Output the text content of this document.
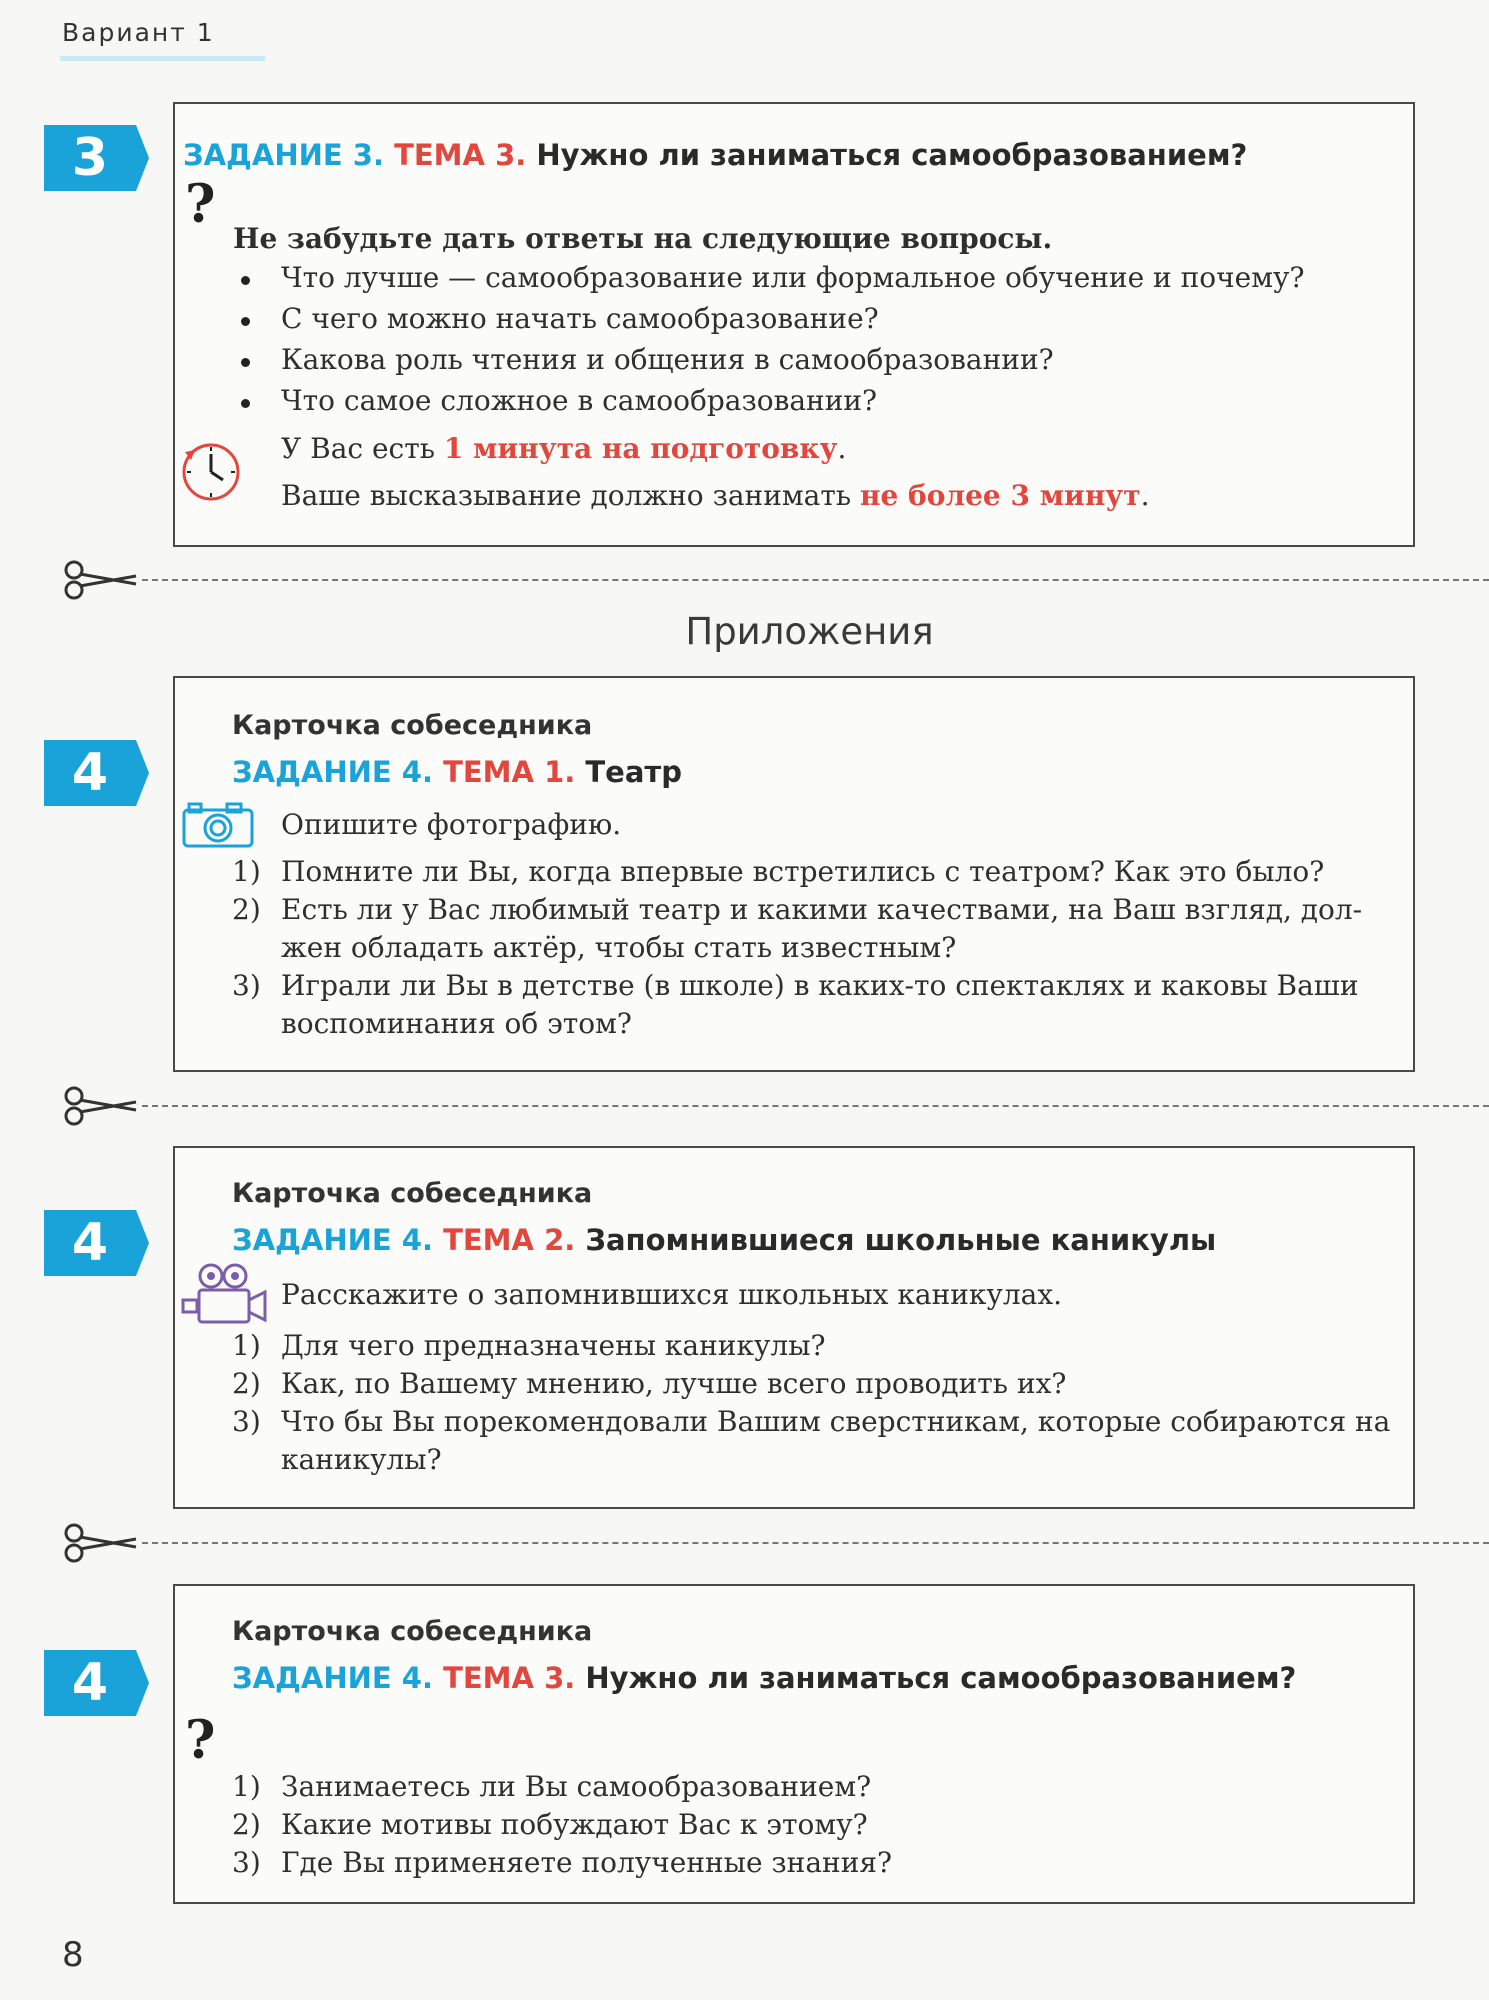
Вариант 1
3	ЗАДАНИЕ 3. ТЕМА 3. Нужно ли заниматься самообразованием?
?
Не забудьте дать ответы на следующие вопросы.
Что лучше — самообразование или формальное обучение и почему?
С чего можно начать самообразование?
Какова роль чтения и общения в самообразовании?
Что самое сложное в самообразовании?
У Вас есть 1 минута на подготовку.
Ваше высказывание должно занимать не более 3 минут.
Приложения
4
Карточка собеседника
ЗАДАНИЕ 4. ТЕМА 1. Театр
Опишите фотографию.
1) Помните ли Вы, когда впервые встретились с театром? Как это было?
2) Есть ли у Вас любимый театр и какими качествами, на Ваш взгляд, дол-
жен обладать актёр, чтобы стать известным?
3) Играли ли Вы в детстве (в школе) в каких-то спектаклях и каковы Ваши
воспоминания об этом?
4
Карточка собеседника
ЗАДАНИЕ 4. ТЕМА 2. Запомнившиеся школьные каникулы
Расскажите о запомнившихся школьных каникулах.
1) Для чего предназначены каникулы?
2) Как, по Вашему мнению, лучше всего проводить их?
3) Что бы Вы порекомендовали Вашим сверстникам, которые собираются на
каникулы?
4
Карточка собеседника
ЗАДАНИЕ 4. ТЕМА 3. Нужно ли заниматься самообразованием?
?
1) Занимаетесь ли Вы самообразованием?
2) Какие мотивы побуждают Вас к этому?
3) Где Вы применяете полученные знания?
8
